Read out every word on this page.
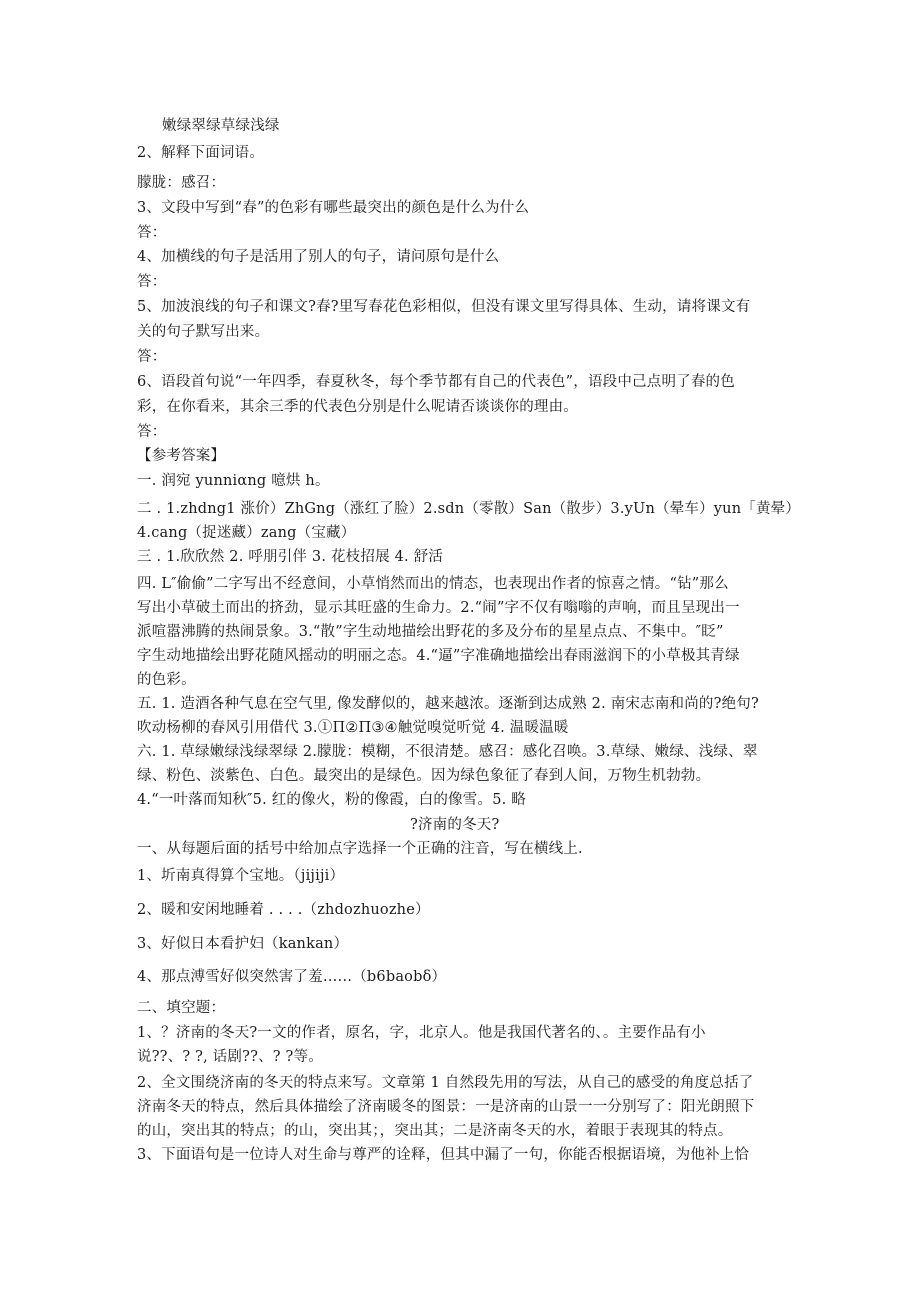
嫩绿翠绿草绿浅绿
2、解释下面词语。
朦胧：感召：
3、文段中写到“春”的色彩有哪些最突出的颜色是什么为什么
答：
4、加横线的句子是活用了别人的句子，请问原句是什么
答：
5、加波浪线的句子和课文?春?里写春花色彩相似，但没有课文里写得具体、生动，请将课文有
关的句子默写出来。
答：
6、语段首句说“一年四季，春夏秋冬，每个季节都有自己的代表色”，语段中己点明了春的色
彩，在你看来，其余三季的代表色分别是什么呢请否谈谈你的理由。
答：
【参考答案】
一. 润宛 yunniαng 噫烘 h。
二 . 1.zhdng1 涨价）ZhGng（涨红了脸）2.sdn（零散）San（散步）3.yUn（晕车）yun「黄晕）
4.cang（捉迷藏）zang（宝藏）
三 . 1.欣欣然 2. 呼朋引伴 3. 花枝招展 4. 舒活
四. L″偷偷”二字写出不经意间，小草悄然而出的情态，也表现出作者的惊喜之情。“钻”那么
写出小草破土而出的挤劲，显示其旺盛的生命力。2.“闹”字不仅有嗡嗡的声响，而且呈现出一
派喧嚣沸腾的热闹景象。3.“散”字生动地描绘出野花的多及分布的星星点点、不集中。″眨”
字生动地描绘出野花随风摇动的明丽之态。4.“逼”字准确地描绘出春雨滋润下的小草极其青绿
的色彩。
五. 1. 造酒各种气息在空气里, 像发酵似的，越来越浓。逐渐到达成熟 2. 南宋志南和尚的?绝句?
吹动杨柳的春风引用借代 3.①Π②Π③④触觉嗅觉听觉 4. 温暖温暖
六. 1. 草绿嫩绿浅绿翠绿 2.朦胧：模糊，不很清楚。感召：感化召唤。3.草绿、嫩绿、浅绿、翠
绿、粉色、淡紫色、白色。最突出的是绿色。因为绿色象征了春到人间，万物生机勃勃。
4.“一叶落而知秋″5. 红的像火，粉的像霞，白的像雪。5. 略
?济南的冬天?
一、从每题后面的括号中给加点字选择一个正确的注音，写在横线上.
1、圻南真得算个宝地。（jijiji）
2、暖和安闲地睡着 . . . .（zhdozhuozhe）
3、好似日本看护妇（kankan）
4、那点溥雪好似突然害了羞……（b6baobδ）
二、填空题：
1、？济南的冬天?一文的作者，原名，字，北京人。他是我国代著名的、。主要作品有小
说??、? ?, 话剧??、? ?等。
2、全文围绕济南的冬天的特点来写。文章第 1 自然段先用的写法，从自己的感受的角度总括了
济南冬天的特点，然后具体描绘了济南暖冬的图景：一是济南的山景一一分别写了：阳光朗照下
的山，突出其的特点；的山，突出其；，突出其；二是济南冬天的水，着眼于表现其的特点。
3、下面语句是一位诗人对生命与尊严的诠释，但其中漏了一句，你能否根据语境，为他补上恰
